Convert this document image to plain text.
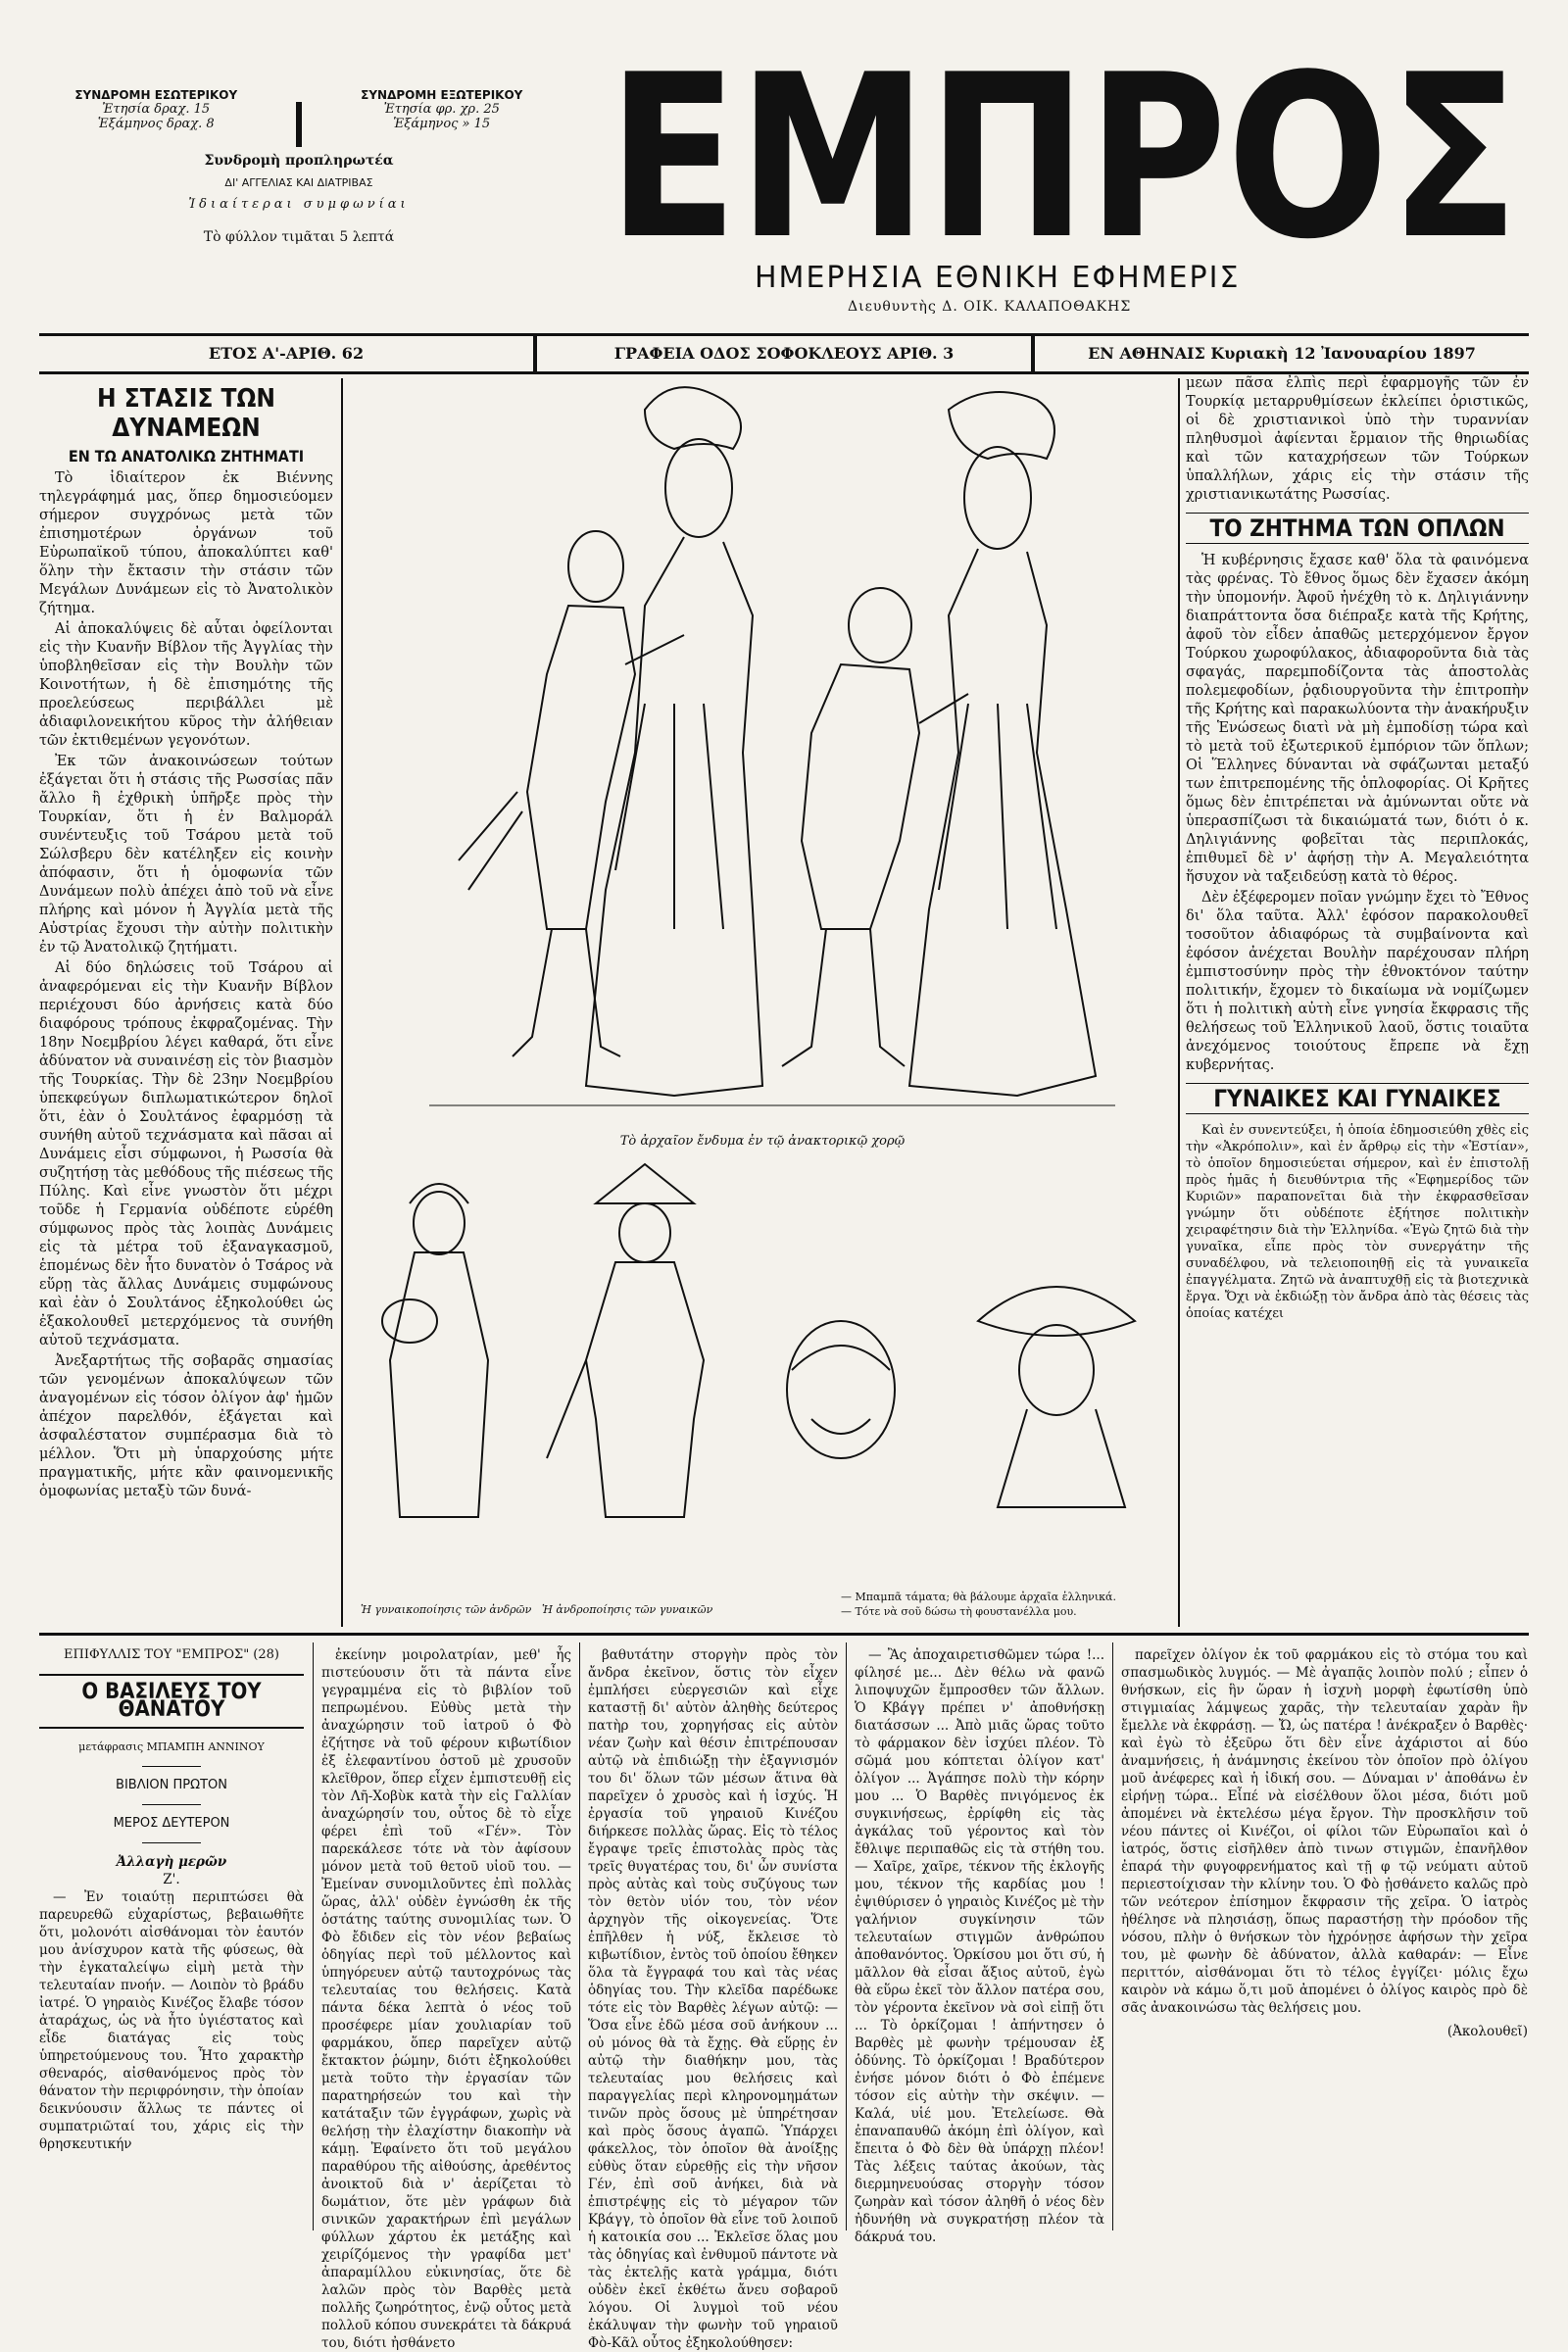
ΣΥΝΔΡΟΜΗ ΕΣΩΤΕΡΙΚΟΥ
Ἐτησία δραχ. 15
Ἑξάμηνος δραχ. 8
ΣΥΝΔΡΟΜΗ ΕΞΩΤΕΡΙΚΟΥ
Ἐτησία φρ. χρ. 25
Ἑξάμηνος » 15
Συνδρομὴ προπληρωτέα
ΔΙ' ΑΓΓΕΛΙΑΣ ΚΑΙ ΔΙΑΤΡΙΒΑΣ
Ἰδιαίτεραι συμφωνίαι
Τὸ φύλλον τιμᾶται 5 λεπτά ΕΜΠΡΟΣ
ΗΜΕΡΗΣΙΑ ΕΘΝΙΚΗ ΕΦΗΜΕΡΙΣ
Διευθυντὴς Δ. ΟΙΚ. ΚΑΛΑΠΟΘΑΚΗΣ
ΕΤΟΣ Α'-ΑΡΙΘ. 62	ΓΡΑΦΕΙΑ ΟΔΟΣ ΣΟΦΟΚΛΕΟΥΣ ΑΡΙΘ. 3	ΕΝ ΑΘΗΝΑΙΣ Κυριακὴ 12 Ἰανουαρίου 1897
Η ΣΤΑΣΙΣ ΤΩΝ ΔΥΝΑΜΕΩΝ
ΕΝ ΤΩ ΑΝΑΤΟΛΙΚΩ ΖΗΤΗΜΑΤΙ

Τὸ ἰδιαίτερον ἐκ Βιέννης τηλεγράφημά μας, ὅπερ δημοσιεύομεν σήμερον συγχρόνως μετὰ τῶν ἐπισημοτέρων ὀργάνων τοῦ Εὐρωπαϊκοῦ τύπου, ἀποκαλύπτει καθ' ὅλην τὴν ἔκτασιν τὴν στάσιν τῶν Μεγάλων Δυνάμεων εἰς τὸ Ἀνατολικὸν ζήτημα.

Αἱ ἀποκαλύψεις δὲ αὗται ὀφείλονται εἰς τὴν Κυανῆν Βίβλον τῆς Ἀγγλίας τὴν ὑποβληθεῖσαν εἰς τὴν Βουλὴν τῶν Κοινοτήτων, ἡ δὲ ἐπισημότης τῆς προελεύσεως περιβάλλει μὲ ἀδιαφιλονεικήτου κῦρος τὴν ἀλήθειαν τῶν ἐκτιθεμένων γεγονότων.

Ἐκ τῶν ἀνακοινώσεων τούτων ἐξάγεται ὅτι ἡ στάσις τῆς Ρωσσίας πᾶν ἄλλο ἢ ἐχθρικὴ ὑπῆρξε πρὸς τὴν Τουρκίαν, ὅτι ἡ ἐν Βαλμοράλ συνέντευξις τοῦ Τσάρου μετὰ τοῦ Σώλσβερυ δὲν κατέληξεν εἰς κοινὴν ἀπόφασιν, ὅτι ἡ ὁμοφωνία τῶν Δυνάμεων πολὺ ἀπέχει ἀπὸ τοῦ νὰ εἶνε πλήρης καὶ μόνον ἡ Ἀγγλία μετὰ τῆς Αὐστρίας ἔχουσι τὴν αὐτὴν πολιτικὴν ἐν τῷ Ἀνατολικῷ ζητήματι.

Αἱ δύο δηλώσεις τοῦ Τσάρου αἱ ἀναφερόμεναι εἰς τὴν Κυανῆν Βίβλον περιέχουσι δύο ἀρνήσεις κατὰ δύο διαφόρους τρόπους ἐκφραζομένας. Τὴν 18ην Νοεμβρίου λέγει καθαρά, ὅτι εἶνε ἀδύνατον νὰ συναινέσῃ εἰς τὸν βιασμὸν τῆς Τουρκίας. Τὴν δὲ 23ην Νοεμβρίου ὑπεκφεύγων διπλωματικώτερον δηλοῖ ὅτι, ἐὰν ὁ Σουλτάνος ἐφαρμόσῃ τὰ συνήθη αὐτοῦ τεχνάσματα καὶ πᾶσαι αἱ Δυνάμεις εἶσι σύμφωνοι, ἡ Ρωσσία θὰ συζητήσῃ τὰς μεθόδους τῆς πιέσεως τῆς Πύλης. Καὶ εἶνε γνωστὸν ὅτι μέχρι τοῦδε ἡ Γερμανία οὐδέποτε εὑρέθη σύμφωνος πρὸς τὰς λοιπὰς Δυνάμεις εἰς τὰ μέτρα τοῦ ἐξαναγκασμοῦ, ἑπομένως δὲν ἦτο δυνατὸν ὁ Τσάρος νὰ εὕρῃ τὰς ἄλλας Δυνάμεις συμφώνους καὶ ἐὰν ὁ Σουλτάνος ἐξηκολούθει ὡς ἐξακολουθεῖ μετερχόμενος τὰ συνήθη αὐτοῦ τεχνάσματα.

Ἀνεξαρτήτως τῆς σοβαρᾶς σημασίας τῶν γενομένων ἀποκαλύψεων τῶν ἀναγομένων εἰς τόσον ὀλίγον ἀφ' ἡμῶν ἀπέχον παρελθόν, ἐξάγεται καὶ ἀσφαλέστατον συμπέρασμα διὰ τὸ μέλλον. Ὅτι μὴ ὑπαρχούσης μήτε πραγματικῆς, μήτε κἂν φαινομενικῆς ὁμοφωνίας μεταξὺ τῶν δυνά-

Τὸ ἀρχαῖον ἔνδυμα ἐν τῷ ἀνακτορικῷ χορῷ
Ἡ γυναικοποίησις τῶν ἀνδρῶν Ἡ ἀνδροποίησις τῶν γυναικῶν
— Μπαμπᾶ τάματα; θὰ βάλουμε ἀρχαῖα ἑλληνικά.
— Τότε νὰ σοῦ δώσω τὴ φουστανέλλα μου.

μεων πᾶσα ἐλπὶς περὶ ἐφαρμογῆς τῶν ἐν Τουρκίᾳ μεταρρυθμίσεων ἐκλείπει ὁριστικῶς, οἱ δὲ χριστιανικοὶ ὑπὸ τὴν τυραννίαν πληθυσμοὶ ἀφίενται ἔρμαιον τῆς θηριωδίας καὶ τῶν καταχρήσεων τῶν Τούρκων ὑπαλλήλων, χάρις εἰς τὴν στάσιν τῆς χριστιανικωτάτης Ρωσσίας.

ΤΟ ΖΗΤΗΜΑ ΤΩΝ ΟΠΛΩΝ

Ἡ κυβέρνησις ἔχασε καθ' ὅλα τὰ φαινόμενα τὰς φρένας. Τὸ ἔθνος ὅμως δὲν ἔχασεν ἀκόμη τὴν ὑπομονήν. Ἀφοῦ ἠνέχθη τὸ κ. Δηλιγιάννην διαπράττοντα ὅσα διέπραξε κατὰ τῆς Κρήτης, ἀφοῦ τὸν εἶδεν ἀπαθῶς μετερχόμενον ἔργον Τούρκου χωροφύλακος, ἀδιαφοροῦντα διὰ τὰς σφαγάς, παρεμποδίζοντα τὰς ἀποστολὰς πολεμεφοδίων, ῥᾳδιουργοῦντα τὴν ἐπιτροπὴν τῆς Κρήτης καὶ παρακωλύοντα τὴν ἀνακήρυξιν τῆς Ἑνώσεως διατὶ νὰ μὴ ἐμποδίσῃ τώρα καὶ τὸ μετὰ τοῦ ἐξωτερικοῦ ἐμπόριον τῶν ὅπλων; Οἱ Ἕλληνες δύνανται νὰ σφάζωνται μεταξύ των ἐπιτρεπομένης τῆς ὁπλοφορίας. Οἱ Κρῆτες ὅμως δὲν ἐπιτρέπεται νὰ ἀμύνωνται οὔτε νὰ ὑπερασπίζωσι τὰ δικαιώματά των, διότι ὁ κ. Δηλιγιάννης φοβεῖται τὰς περιπλοκάς, ἐπιθυμεῖ δὲ ν' ἀφήσῃ τὴν Α. Μεγαλειότητα ἥσυχον νὰ ταξειδεύσῃ κατὰ τὸ θέρος.

Δὲν ἐξέφερομεν ποῖαν γνώμην ἔχει τὸ Ἔθνος δι' ὅλα ταῦτα. Ἀλλ' ἐφόσον παρακολουθεῖ τοσοῦτον ἀδιαφόρως τὰ συμβαίνοντα καὶ ἐφόσον ἀνέχεται Βουλὴν παρέχουσαν πλήρη ἐμπιστοσύνην πρὸς τὴν ἐθνοκτόνον ταύτην πολιτικήν, ἔχομεν τὸ δικαίωμα νὰ νομίζωμεν ὅτι ἡ πολιτικὴ αὐτὴ εἶνε γνησία ἔκφρασις τῆς θελήσεως τοῦ Ἑλληνικοῦ λαοῦ, ὅστις τοιαῦτα ἀνεχόμενος τοιούτους ἔπρεπε νὰ ἔχῃ κυβερνήτας.

ΓΥΝΑΙΚΕΣ ΚΑΙ ΓΥΝΑΙΚΕΣ

Καὶ ἐν συνεντεύξει, ἡ ὁποία ἐδημοσιεύθη χθὲς εἰς τὴν «Ἀκρόπολιν», καὶ ἐν ἄρθρῳ εἰς τὴν «Ἑστίαν», τὸ ὁποῖον δημοσιεύεται σήμερον, καὶ ἐν ἐπιστολῇ πρὸς ἡμᾶς ἡ διευθύντρια τῆς «Ἐφημερίδος τῶν Κυριῶν» παραπονεῖται διὰ τὴν ἐκφρασθεῖσαν γνώμην ὅτι οὐδέποτε ἐξήτησε πολιτικὴν χειραφέτησιν διὰ τὴν Ἑλληνίδα. «Ἐγὼ ζητῶ διὰ τὴν γυναῖκα, εἶπε πρὸς τὸν συνεργάτην τῆς συναδέλφου, νὰ τελειοποιηθῇ εἰς τὰ γυναικεῖα ἐπαγγέλματα. Ζητῶ νὰ ἀναπτυχθῇ εἰς τὰ βιοτεχνικὰ ἔργα. Ὄχι νὰ ἐκδιώξῃ τὸν ἄνδρα ἀπὸ τὰς θέσεις τὰς ὁποίας κατέχει

ΕΠΙΦΥΛΛΙΣ ΤΟΥ "ΕΜΠΡΟΣ" (28)
Ο ΒΑΣΙΛΕΥΣ ΤΟΥ ΘΑΝΑΤΟΥ
μετάφρασις ΜΠΑΜΠΗ ΑΝΝΙΝΟΥ
ΒΙΒΛΙΟΝ ΠΡΩΤΟΝ
ΜΕΡΟΣ ΔΕΥΤΕΡΟΝ
Ἀλλαγὴ μερῶν
Ζ'.

— Ἐν τοιαύτῃ περιπτώσει θὰ παρευρεθῶ εὐχαρίστως, βεβαιωθῆτε ὅτι, μολονότι αἰσθάνομαι τὸν ἑαυτόν μου ἀνίσχυρον κατὰ τῆς φύσεως, θὰ τὴν ἐγκαταλείψω εἰμὴ μετὰ τὴν τελευταίαν πνοήν. — Λοιπὸν τὸ βράδυ ἰατρέ. Ὁ γηραιὸς Κινέζος ἔλαβε τόσον ἀταράχως, ὡς νὰ ἦτο ὑγιέστατος καὶ εἶδε διατάγας εἰς τοὺς ὑπηρετούμενους του. Ἦτο χαρακτὴρ σθεναρός, αἰσθανόμενος πρὸς τὸν θάνατον τὴν περιφρόνησιν, τὴν ὁποίαν δεικνύουσιν ἅλλως τε πάντες οἱ συμπατριῶταί του, χάρις εἰς τὴν θρησκευτικήν

ἐκείνην μοιρολατρίαν, μεθ' ἧς πιστεύουσιν ὅτι τὰ πάντα εἶνε γεγραμμένα εἰς τὸ βιβλίον τοῦ πεπρωμένου. Εὐθὺς μετὰ τὴν ἀναχώρησιν τοῦ ἰατροῦ ὁ Φὸ ἐζήτησε νὰ τοῦ φέρουν κιβωτίδιον ἐξ ἐλεφαντίνου ὀστοῦ μὲ χρυσοῦν κλεῖθρον, ὅπερ εἶχεν ἐμπιστευθῇ εἰς τὸν Λῆ-Χοβὺκ κατὰ τὴν εἰς Γαλλίαν ἀναχώρησίν του, οὗτος δὲ τὸ εἶχε φέρει ἐπὶ τοῦ «Γέν». Τὸν παρεκάλεσε τότε νὰ τὸν ἀφίσουν μόνον μετὰ τοῦ θετοῦ υἱοῦ του. — Ἐμείναν συνομιλοῦντες ἐπὶ πολλὰς ὥρας, ἀλλ' οὐδὲν ἐγνώσθη ἐκ τῆς ὁστάτης ταύτης συνομιλίας των. Ὁ Φὸ ἔδιδεν εἰς τὸν νέον βεβαίως ὁδηγίας περὶ τοῦ μέλλοντος καὶ ὑπηγόρευεν αὐτῷ ταυτοχρόνως τὰς τελευταίας του θελήσεις. Κατὰ πάντα δέκα λεπτὰ ὁ νέος τοῦ προσέφερε μίαν χουλιαρίαν τοῦ φαρμάκου, ὅπερ παρεῖχεν αὐτῷ ἔκτακτον ῥώμην, διότι ἐξηκολούθει μετὰ τοῦτο τὴν ἐργασίαν τῶν παρατηρήσεών του καὶ τὴν κατάταξιν τῶν ἐγγράφων, χωρὶς νὰ θελήσῃ τὴν ἐλαχίστην διακοπὴν νὰ κάμῃ. Ἐφαίνετο ὅτι τοῦ μεγάλου παραθύρου τῆς αἰθούσης, ἀρεθέντος ἀνοικτοῦ διὰ ν' ἀερίζεται τὸ δωμάτιον, ὅτε μὲν γράφων διὰ σινικῶν χαρακτήρων ἐπὶ μεγάλων φύλλων χάρτου ἐκ μετάξης καὶ χειρίζόμενος τὴν γραφίδα μετ' ἀπαραμίλλου εὐκινησίας, ὅτε δὲ λαλῶν πρὸς τὸν Βαρθὲς μετὰ πολλῆς ζωηρότητος, ἐνῷ οὗτος μετὰ πολλοῦ κόπου συνεκράτει τὰ δάκρυά του, διότι ἠσθάνετο

βαθυτάτην στοργὴν πρὸς τὸν ἄνδρα ἐκεῖνον, ὅστις τὸν εἶχεν ἐμπλήσει εὐεργεσιῶν καὶ εἶχε καταστῇ δι' αὐτὸν ἀληθὴς δεύτερος πατὴρ του, χορηγήσας εἰς αὐτὸν νέαν ζωὴν καὶ θέσιν ἐπιτρέπουσαν αὐτῷ νὰ ἐπιδιώξῃ τὴν ἐξαγνισμόν του δι' ὅλων τῶν μέσων ἅτινα θὰ παρεῖχεν ὁ χρυσὸς καὶ ἡ ἰσχύς. Ἡ ἐργασία τοῦ γηραιοῦ Κινέζου διήρκεσε πολλὰς ὥρας. Εἰς τὸ τέλος ἔγραψε τρεῖς ἐπιστολὰς πρὸς τὰς τρεῖς θυγατέρας του, δι' ὧν συνίστα πρὸς αὐτὰς καὶ τοὺς συζύγους των τὸν θετὸν υἱόν του, τὸν νέον ἀρχηγὸν τῆς οἰκογενείας. Ὅτε ἐπῆλθεν ἡ νύξ, ἔκλεισε τὸ κιβωτίδιον, ἐντὸς τοῦ ὁποίου ἔθηκεν ὅλα τὰ ἔγγραφά του καὶ τὰς νέας ὁδηγίας του. Τὴν κλεῖδα παρέδωκε τότε εἰς τὸν Βαρθὲς λέγων αὐτῷ: — Ὅσα εἶνε ἐδῶ μέσα σοῦ ἀνήκουν ... οὐ μόνος θὰ τὰ ἔχῃς. Θὰ εὕρῃς ἐν αὐτῷ τὴν διαθήκην μου, τὰς τελευταίας μου θελήσεις καὶ παραγγελίας περὶ κληρονομημάτων τινῶν πρὸς ὅσους μὲ ὑπηρέτησαν καὶ πρὸς ὅσους ἀγαπῶ. Ὑπάρχει φάκελλος, τὸν ὁποῖον θὰ ἀνοίξῃς εὐθὺς ὅταν εὑρεθῇς εἰς τὴν νῆσον Γέν, ἐπὶ σοῦ ἀνήκει, διὰ νὰ ἐπιστρέψῃς εἰς τὸ μέγαρον τῶν Κβάγγ, τὸ ὁποῖον θὰ εἶνε τοῦ λοιποῦ ἡ κατοικία σου ... Ἐκλεῖσε ὅλας μου τὰς ὁδηγίας καὶ ἐνθυμοῦ πάντοτε νὰ τὰς ἐκτελῇς κατὰ γράμμα, διότι οὐδὲν ἐκεῖ ἐκθέτω ἄνευ σοβαροῦ λόγου. Οἱ λυγμοὶ τοῦ νέου ἐκάλυψαν τὴν φωνὴν τοῦ γηραιοῦ Φὸ-Κᾶλ οὗτος ἐξηκολούθησεν:

— Ἂς ἀποχαιρετισθῶμεν τώρα !... φίλησέ με... Δὲν θέλω νὰ φανῶ λιποψυχῶν ἔμπροσθεν τῶν ἄλλων. Ὁ Κβάγγ πρέπει ν' ἀποθνήσκῃ διατάσσων ... Ἀπὸ μιᾶς ὥρας τοῦτο τὸ φάρμακον δὲν ἰσχύει πλέον. Τὸ σῶμά μου κόπτεται ὀλίγον κατ' ὀλίγον ... Ἀγάπησε πολὺ τὴν κόρην μου ... Ὁ Βαρθὲς πνιγόμενος ἐκ συγκινήσεως, ἐρρίφθη εἰς τὰς ἀγκάλας τοῦ γέροντος καὶ τὸν ἔθλιψε περιπαθῶς εἰς τὰ στήθη του. — Χαῖρε, χαῖρε, τέκνον τῆς ἐκλογῆς μου, τέκνον τῆς καρδίας μου ! ἐψιθύρισεν ὁ γηραιὸς Κινέζος μὲ τὴν γαλήνιον συγκίνησιν τῶν τελευταίων στιγμῶν ἀνθρώπου ἀποθανόντος. Ὁρκίσου μοι ὅτι σύ, ἡ μᾶλλον θὰ εἶσαι ἄξιος αὐτοῦ, ἐγὼ θὰ εὕρω ἐκεῖ τὸν ἄλλον πατέρα σου, τὸν γέροντα ἐκεῖνον νὰ σοὶ εἰπῇ ὅτι ... Τὸ ὁρκίζομαι ! ἀπήντησεν ὁ Βαρθὲς μὲ φωνὴν τρέμουσαν ἐξ ὁδύνης. Τὸ ὁρκίζομαι ! Βραδύτερον ἐνήσε μόνον διότι ὁ Φὸ ἐπέμενε τόσον εἰς αὐτὴν τὴν σκέψιν. — Καλά, υἱέ μου. Ἐτελείωσε. Θὰ ἐπαναπαυθῶ ἀκόμη ἐπὶ ὀλίγον, καὶ ἔπειτα ὁ Φὸ δὲν θὰ ὑπάρχῃ πλέον! Τὰς λέξεις ταύτας ἀκούων, τὰς διερμηνευούσας στοργὴν τόσον ζωηρὰν καὶ τόσον ἀληθῆ ὁ νέος δὲν ἠδυνήθη νὰ συγκρατήσῃ πλέον τὰ δάκρυά του.

παρεῖχεν ὀλίγον ἐκ τοῦ φαρμάκου εἰς τὸ στόμα του καὶ σπασμωδικὸς λυγμός. — Μὲ ἀγαπᾷς λοιπὸν πολύ ; εἶπεν ὁ θνήσκων, εἰς ἣν ὥραν ἡ ἰσχνὴ μορφὴ ἐφωτίσθη ὑπὸ στιγμιαίας λάμψεως χαρᾶς, τὴν τελευταίαν χαρὰν ἣν ἔμελλε νὰ ἐκφράσῃ. — Ὤ, ὡς πατέρα ! ἀνέκραξεν ὁ Βαρθὲς· καὶ ἐγὼ τὸ ἐξεῦρω ὅτι δὲν εἶνε ἀχάριστοι αἱ δύο ἀναμνήσεις, ἡ ἀνάμνησις ἐκείνου τὸν ὁποῖον πρὸ ὀλίγου μοῦ ἀνέφερες καὶ ἡ ἰδική σου. — Δύναμαι ν' ἀποθάνω ἐν εἰρήνῃ τώρα.. Εἶπέ νὰ εἰσέλθουν ὅλοι μέσα, διότι μοῦ ἀπομένει νὰ ἐκτελέσω μέγα ἔργον. Τὴν προσκλῆσιν τοῦ νέου πάντες οἱ Κινέζοι, οἱ φίλοι τῶν Εὐρωπαῖοι καὶ ὁ ἰατρός, ὅστις εἰσῆλθεν ἀπὸ τινων στιγμῶν, ἐπανῆλθον ἐπαρά τὴν φυγοφρενήματος καὶ τῇ φ τῷ νεύματι αὐτοῦ περιεστοίχισαν τὴν κλίνην του. Ὁ Φὸ ᾐσθάνετο καλῶς πρὸ τῶν νεότερον ἐπίσημον ἔκφρασιν τῆς χεῖρα. Ὁ ἰατρὸς ἠθέλησε νὰ πλησιάσῃ, ὅπως παραστήσῃ τὴν πρόοδον τῆς νόσου, πλὴν ὁ θνήσκων τὸν ἠχρόνῃσε ἀφήσων τὴν χεῖρα του, μὲ φωνὴν δὲ ἀδύνατον, ἀλλὰ καθαράν: — Εἶνε περιττόν, αἰσθάνομαι ὅτι τὸ τέλος ἐγγίζει· μόλις ἔχω καιρὸν νὰ κάμω ὅ,τι μοῦ ἀπομένει ὁ ὀλίγος καιρὸς πρὸ δὲ σᾶς ἀνακοινώσω τὰς θελήσεις μου.

(Ἀκολουθεῖ)
